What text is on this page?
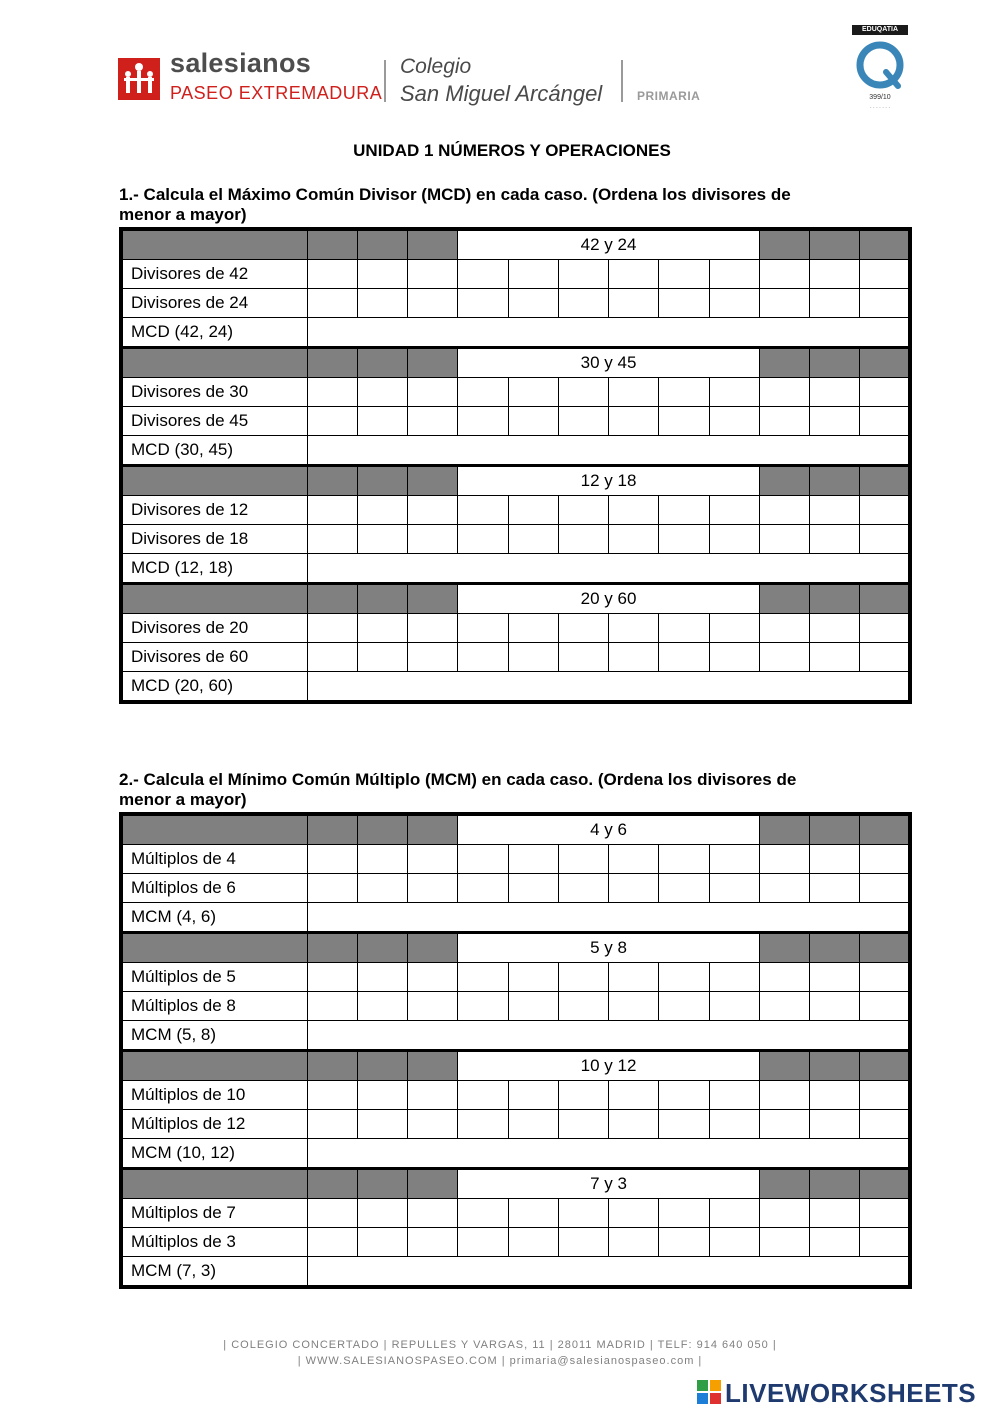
salesianos
PASEO EXTREMADURA
Colegio
San Miguel Arcángel	PRIMARIA
EDUQATIA
399/10
· · · · · · ·
UNIDAD 1 NÚMEROS Y OPERACIONES
1.- Calcula el Máximo Común Divisor (MCD) en cada caso. (Ordena los divisores de
menor a mayor)
				42 y 24								
Divisores de 42												
Divisores de 24												
MCD (42, 24)												
				30 y 45								
Divisores de 30												
Divisores de 45												
MCD (30, 45)												
				12 y 18								
Divisores de 12												
Divisores de 18												
MCD (12, 18)												
				20 y 60								
Divisores de 20												
Divisores de 60												
MCD (20, 60)												
2.- Calcula el Mínimo Común Múltiplo (MCM) en cada caso. (Ordena los divisores de
menor a mayor)
				4 y 6								
Múltiplos de 4												
Múltiplos de 6												
MCM (4, 6)												
				5 y 8								
Múltiplos de 5												
Múltiplos de 8												
MCM (5, 8)												
				10 y 12								
Múltiplos de 10												
Múltiplos de 12												
MCM (10, 12)												
				7 y 3								
Múltiplos de 7												
Múltiplos de 3												
MCM (7, 3)												
| COLEGIO CONCERTADO | REPULLES Y VARGAS, 11 | 28011 MADRID | TELF: 914 640 050 |
| WWW.SALESIANOSPASEO.COM | primaria@salesianospaseo.com |
LIVEWORKSHEETS
